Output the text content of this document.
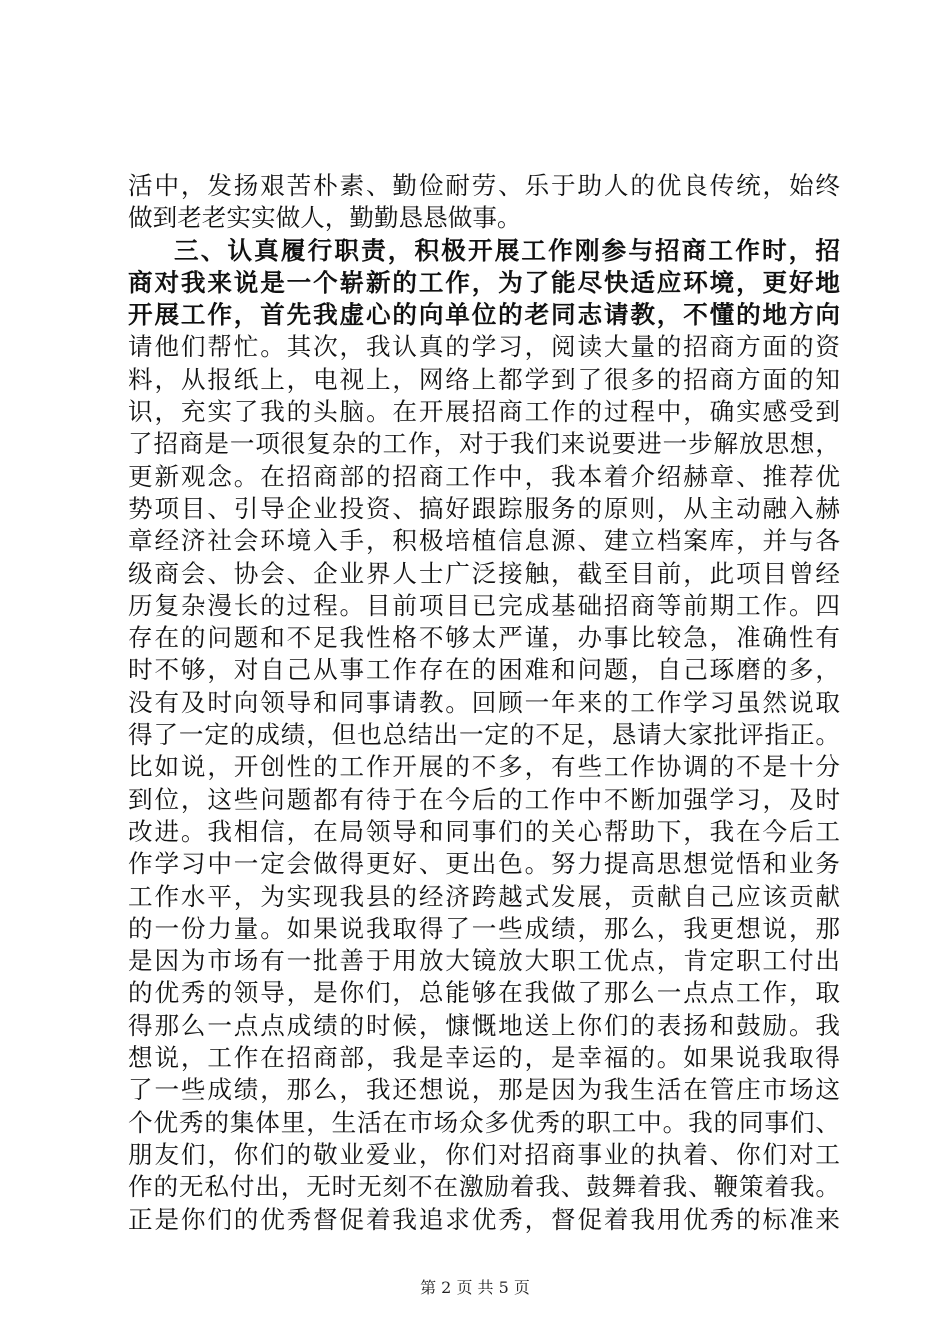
活中，发扬艰苦朴素、勤俭耐劳、乐于助人的优良传统，始终
做到老老实实做人，勤勤恳恳做事。
三、认真履行职责，积极开展工作刚参与招商工作时，招
商对我来说是一个崭新的工作，为了能尽快适应环境，更好地
开展工作，首先我虚心的向单位的老同志请教，不懂的地方向
请他们帮忙。其次，我认真的学习，阅读大量的招商方面的资
料，从报纸上，电视上，网络上都学到了很多的招商方面的知
识，充实了我的头脑。在开展招商工作的过程中，确实感受到
了招商是一项很复杂的工作，对于我们来说要进一步解放思想，
更新观念。在招商部的招商工作中，我本着介绍赫章、推荐优
势项目、引导企业投资、搞好跟踪服务的原则，从主动融入赫
章经济社会环境入手，积极培植信息源、建立档案库，并与各
级商会、协会、企业界人士广泛接触，截至目前，此项目曾经
历复杂漫长的过程。目前项目已完成基础招商等前期工作。四
存在的问题和不足我性格不够太严谨，办事比较急，准确性有
时不够，对自己从事工作存在的困难和问题，自己琢磨的多，
没有及时向领导和同事请教。回顾一年来的工作学习虽然说取
得了一定的成绩，但也总结出一定的不足，恳请大家批评指正。
比如说，开创性的工作开展的不多，有些工作协调的不是十分
到位，这些问题都有待于在今后的工作中不断加强学习，及时
改进。我相信，在局领导和同事们的关心帮助下，我在今后工
作学习中一定会做得更好、更出色。努力提高思想觉悟和业务
工作水平，为实现我县的经济跨越式发展，贡献自己应该贡献
的一份力量。如果说我取得了一些成绩，那么，我更想说，那
是因为市场有一批善于用放大镜放大职工优点，肯定职工付出
的优秀的领导，是你们，总能够在我做了那么一点点工作，取
得那么一点点成绩的时候，慷慨地送上你们的表扬和鼓励。我
想说，工作在招商部，我是幸运的，是幸福的。如果说我取得
了一些成绩，那么，我还想说，那是因为我生活在管庄市场这
个优秀的集体里，生活在市场众多优秀的职工中。我的同事们、
朋友们，你们的敬业爱业，你们对招商事业的执着、你们对工
作的无私付出，无时无刻不在激励着我、鼓舞着我、鞭策着我。
正是你们的优秀督促着我追求优秀，督促着我用优秀的标准来
第 2 页 共 5 页
